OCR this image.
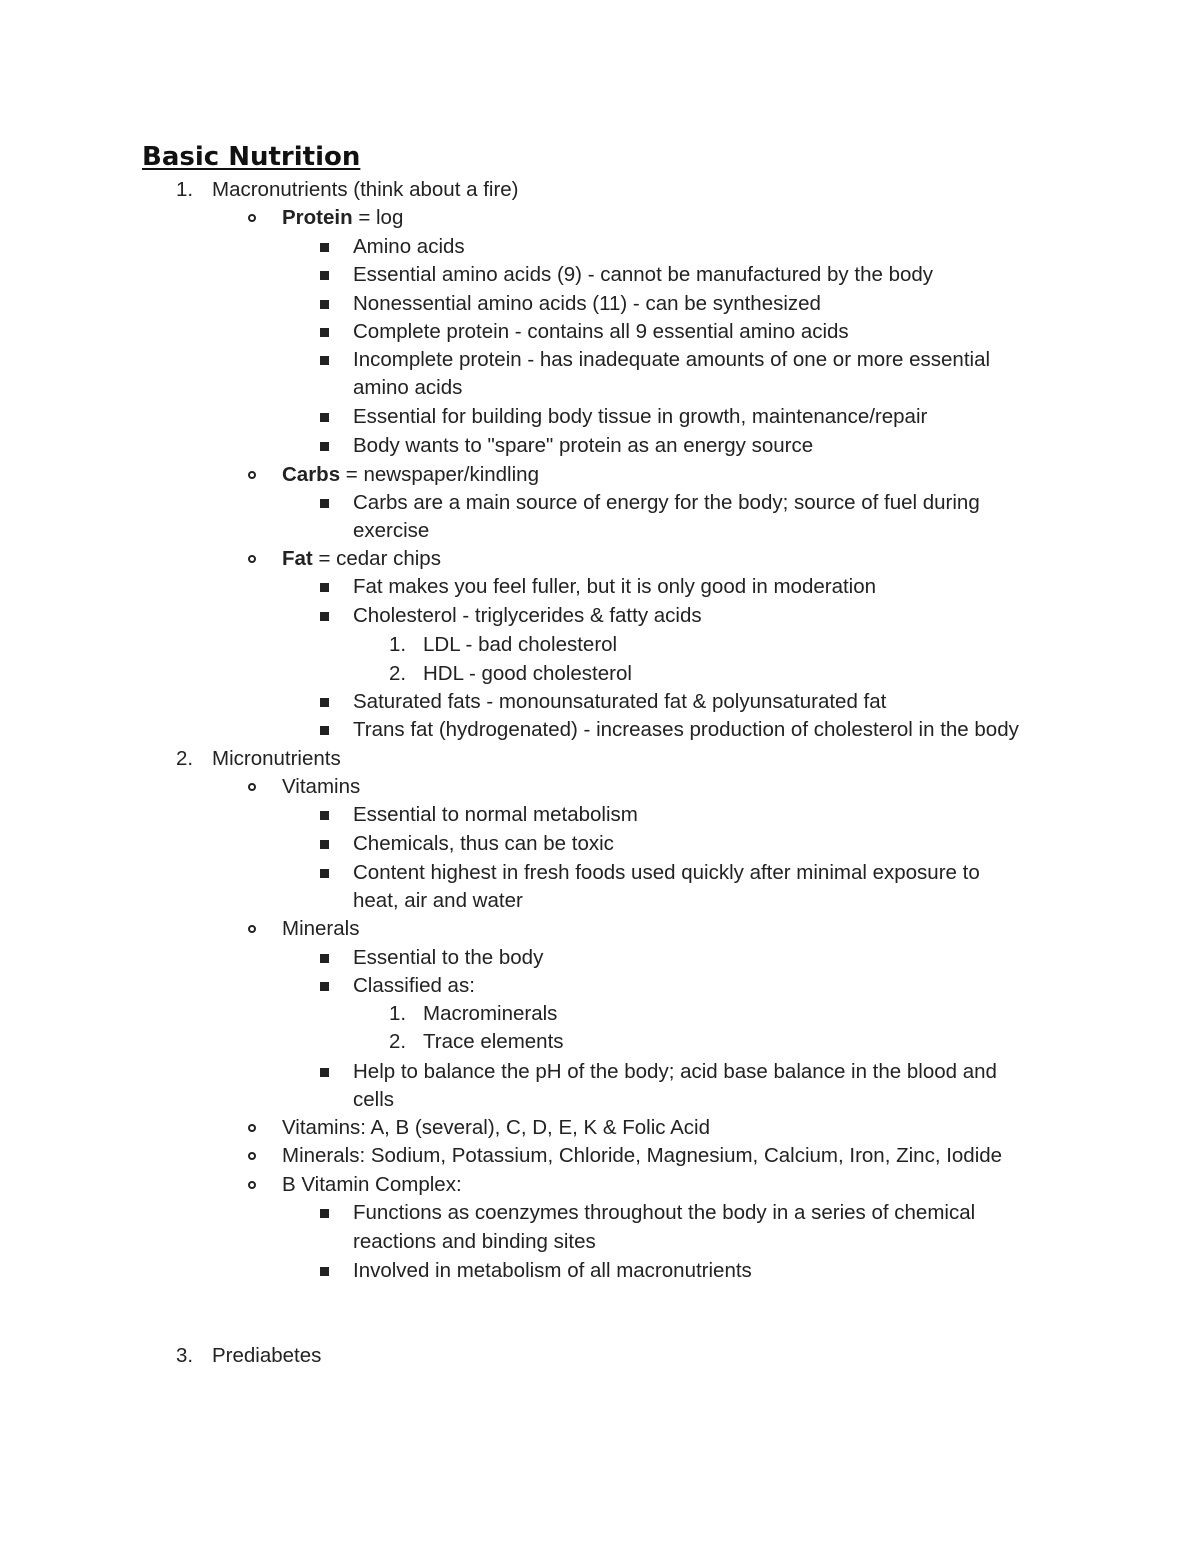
Basic Nutrition
1. Macronutrients (think about a fire)
Protein = log
Amino acids
Essential amino acids (9) - cannot be manufactured by the body
Nonessential amino acids (11) - can be synthesized
Complete protein - contains all 9 essential amino acids
Incomplete protein - has inadequate amounts of one or more essential
amino acids
Essential for building body tissue in growth, maintenance/repair
Body wants to "spare" protein as an energy source
Carbs = newspaper/kindling
Carbs are a main source of energy for the body; source of fuel during
exercise
Fat = cedar chips
Fat makes you feel fuller, but it is only good in moderation
Cholesterol - triglycerides & fatty acids
1. LDL - bad cholesterol
2. HDL - good cholesterol
Saturated fats - monounsaturated fat & polyunsaturated fat
Trans fat (hydrogenated) - increases production of cholesterol in the body
2. Micronutrients
Vitamins
Essential to normal metabolism
Chemicals, thus can be toxic
Content highest in fresh foods used quickly after minimal exposure to
heat, air and water
Minerals
Essential to the body
Classified as:
1. Macrominerals
2. Trace elements
Help to balance the pH of the body; acid base balance in the blood and
cells
Vitamins: A, B (several), C, D, E, K & Folic Acid
Minerals: Sodium, Potassium, Chloride, Magnesium, Calcium, Iron, Zinc, Iodide
B Vitamin Complex:
Functions as coenzymes throughout the body in a series of chemical
reactions and binding sites
Involved in metabolism of all macronutrients
3. Prediabetes
